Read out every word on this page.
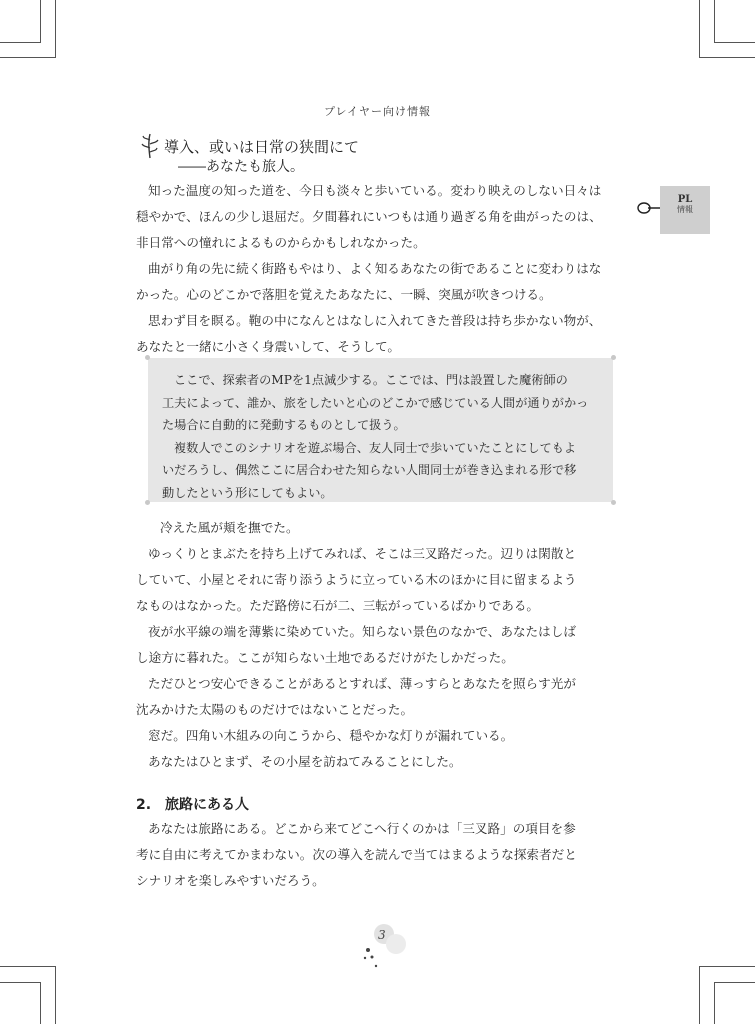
プレイヤー向け情報
PL
情報
導入、或いは日常の狭間にて
――あなたも旅人。

知った温度の知った道を、今日も淡々と歩いている。変わり映えのしない日々は

穏やかで、ほんの少し退屈だ。夕間暮れにいつもは通り過ぎる角を曲がったのは、

非日常への憧れによるものからかもしれなかった。

曲がり角の先に続く街路もやはり、よく知るあなたの街であることに変わりはな

かった。心のどこかで落胆を覚えたあなたに、一瞬、突風が吹きつける。

思わず目を瞑る。鞄の中になんとはなしに入れてきた普段は持ち歩かない物が、

あなたと一緒に小さく身震いして、そうして。

ここで、探索者のMPを1点減少する。ここでは、門は設置した魔術師の

工夫によって、誰か、旅をしたいと心のどこかで感じている人間が通りがかっ

た場合に自動的に発動するものとして扱う。

複数人でこのシナリオを遊ぶ場合、友人同士で歩いていたことにしてもよ

いだろうし、偶然ここに居合わせた知らない人間同士が巻き込まれる形で移

動したという形にしてもよい。

冷えた風が頬を撫でた。

ゆっくりとまぶたを持ち上げてみれば、そこは三叉路だった。辺りは閑散と

していて、小屋とそれに寄り添うように立っている木のほかに目に留まるよう

なものはなかった。ただ路傍に石が二、三転がっているばかりである。

夜が水平線の端を薄紫に染めていた。知らない景色のなかで、あなたはしば

し途方に暮れた。ここが知らない土地であるだけがたしかだった。

ただひとつ安心できることがあるとすれば、薄っすらとあなたを照らす光が

沈みかけた太陽のものだけではないことだった。

窓だ。四角い木組みの向こうから、穏やかな灯りが漏れている。

あなたはひとまず、その小屋を訪ねてみることにした。

2.　旅路にある人

あなたは旅路にある。どこから来てどこへ行くのかは「三叉路」の項目を参

考に自由に考えてかまわない。次の導入を読んで当てはまるような探索者だと

シナリオを楽しみやすいだろう。

3
